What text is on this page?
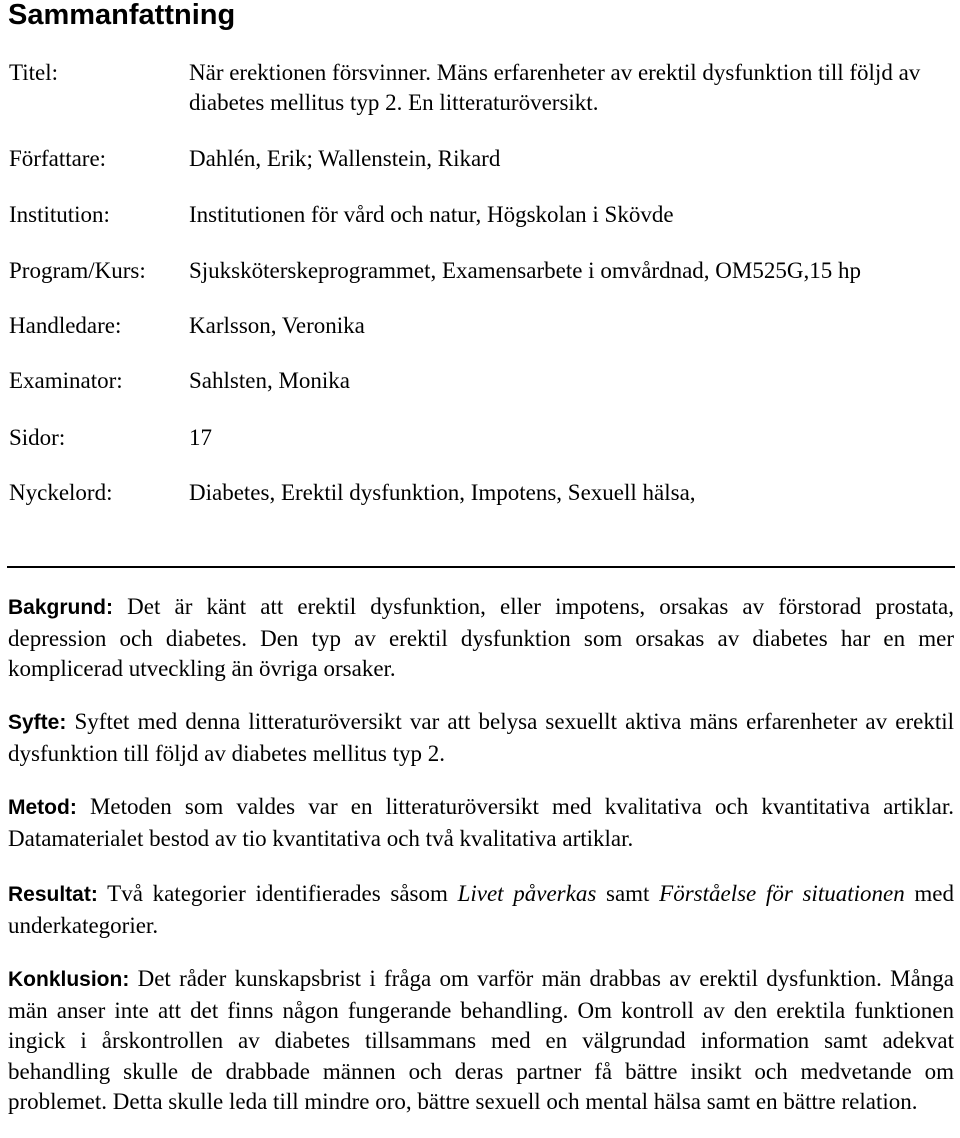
Sammanfattning
Titel:	När erektionen försvinner. Mäns erfarenheter av erektil dysfunktion till följd av diabetes mellitus typ 2. En litteraturöversikt.
Författare:	Dahlén, Erik; Wallenstein, Rikard
Institution:	Institutionen för vård och natur, Högskolan i Skövde
Program/Kurs: Sjuksköterskeprogrammet, Examensarbete i omvårdnad, OM525G,15 hp
Handledare:	Karlsson, Veronika
Examinator:	Sahlsten, Monika
Sidor:	17
Nyckelord:	Diabetes, Erektil dysfunktion, Impotens, Sexuell hälsa,

Bakgrund: Det är känt att erektil dysfunktion, eller impotens, orsakas av förstorad prostata, depression och diabetes. Den typ av erektil dysfunktion som orsakas av diabetes har en mer komplicerad utveckling än övriga orsaker.

Syfte: Syftet med denna litteraturöversikt var att belysa sexuellt aktiva mäns erfarenheter av erektil dysfunktion till följd av diabetes mellitus typ 2.

Metod: Metoden som valdes var en litteraturöversikt med kvalitativa och kvantitativa artiklar. Datamaterialet bestod av tio kvantitativa och två kvalitativa artiklar.

Resultat: Två kategorier identifierades såsom Livet påverkas samt Förståelse för situationen med underkategorier.

Konklusion: Det råder kunskapsbrist i fråga om varför män drabbas av erektil dysfunktion. Många män anser inte att det finns någon fungerande behandling. Om kontroll av den erektila funktionen ingick i årskontrollen av diabetes tillsammans med en välgrundad information samt adekvat behandling skulle de drabbade männen och deras partner få bättre insikt och medvetande om problemet. Detta skulle leda till mindre oro, bättre sexuell och mental hälsa samt en bättre relation.
